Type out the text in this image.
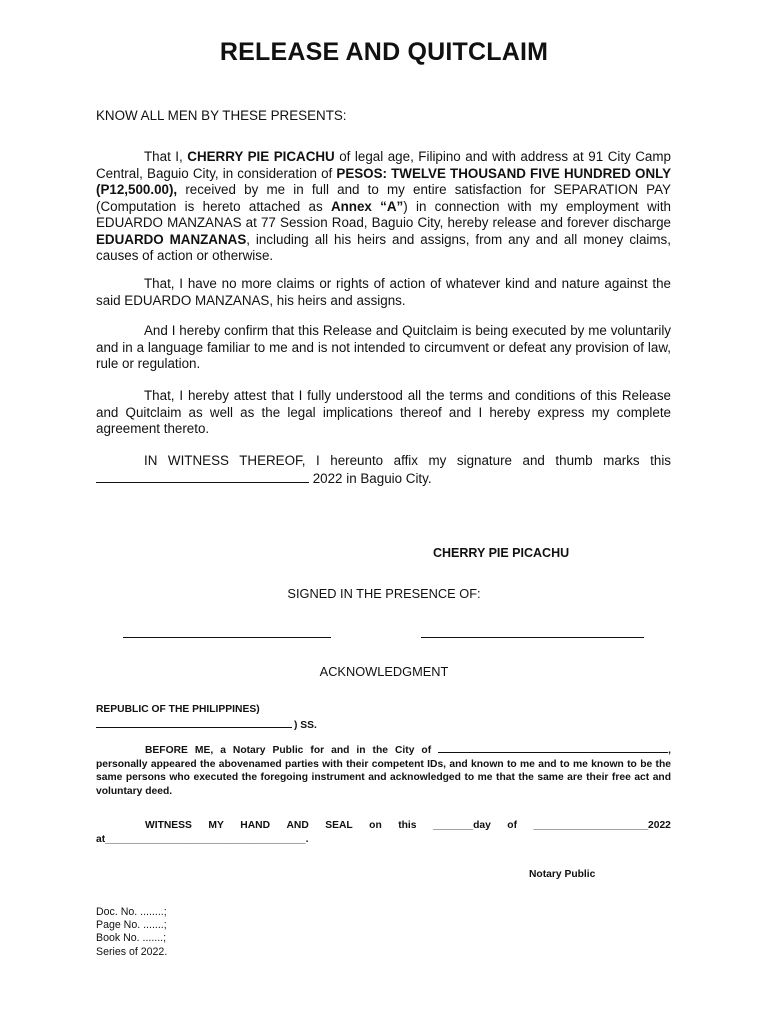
RELEASE AND QUITCLAIM

KNOW ALL MEN BY THESE PRESENTS:

That I, CHERRY PIE PICACHU of legal age, Filipino and with address at 91 City Camp Central, Baguio City, in consideration of PESOS: TWELVE THOUSAND FIVE HUNDRED ONLY (P12,500.00), received by me in full and to my entire satisfaction for SEPARATION PAY (Computation is hereto attached as Annex “A”) in connection with my employment with EDUARDO MANZANAS at 77 Session Road, Baguio City, hereby release and forever discharge EDUARDO MANZANAS, including all his heirs and assigns, from any and all money claims, causes of action or otherwise.

That, I have no more claims or rights of action of whatever kind and nature against the said EDUARDO MANZANAS, his heirs and assigns.

And I hereby confirm that this Release and Quitclaim is being executed by me voluntarily and in a language familiar to me and is not intended to circumvent or defeat any provision of law, rule or regulation.

That, I hereby attest that I fully understood all the terms and conditions of this Release and Quitclaim as well as the legal implications thereof and I hereby express my complete agreement thereto.

IN WITNESS THEREOF, I hereunto affix my signature and thumb marks this  2022 in Baguio City.

CHERRY PIE PICACHU

SIGNED IN THE PRESENCE OF:

ACKNOWLEDGMENT

REPUBLIC OF THE PHILIPPINES)

) SS.

BEFORE ME, a Notary Public for and in the City of	, personally appeared the abovenamed parties with their competent IDs, and known to me and to me known to be the same persons who executed the foregoing instrument and acknowledged to me that the same are their free act and voluntary deed.

WITNESS MY HAND AND SEAL on this _______day of ____________________2022
at___________________________________.

Notary Public

Doc. No. ........;
Page No. .......;
Book No. .......;
Series of 2022.
